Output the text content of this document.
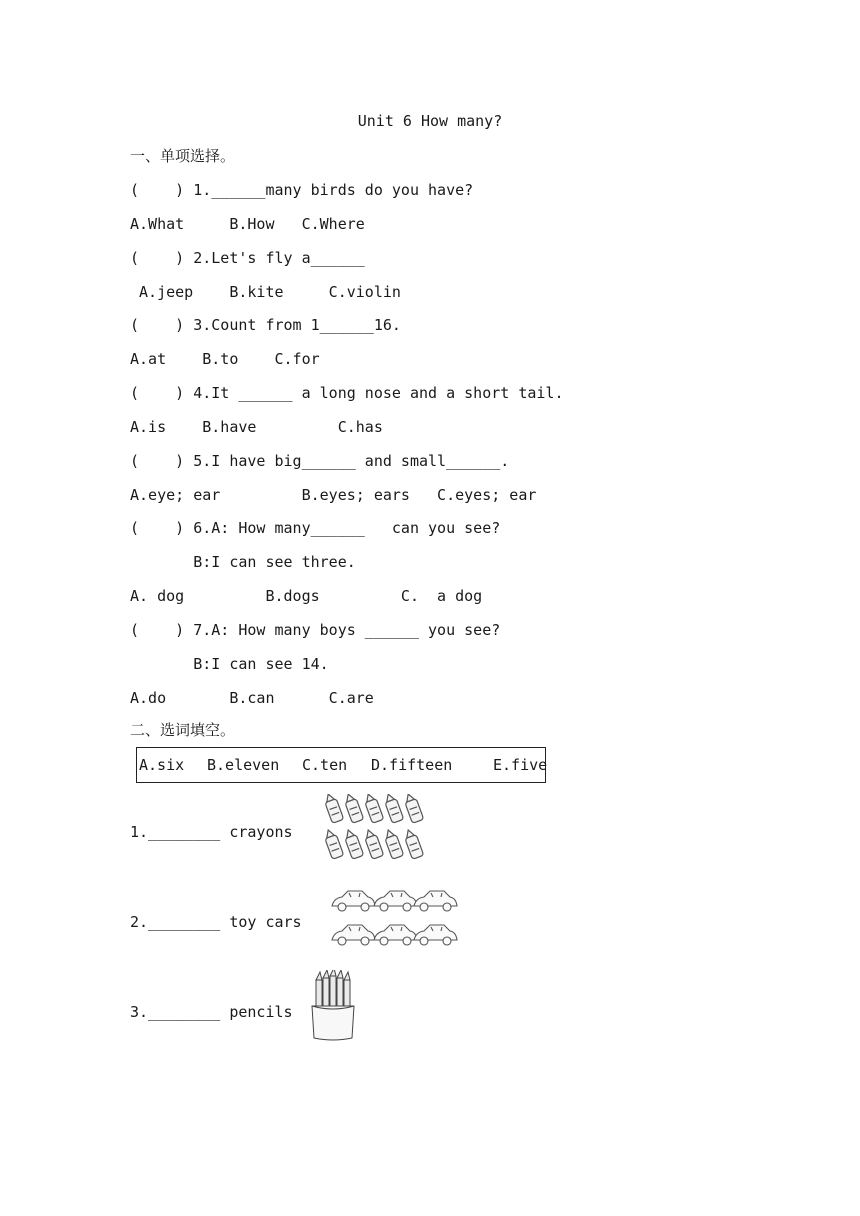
Unit 6 How many?
一、单项选择。
(    ) 1.______many birds do you have?
A.What     B.How   C.Where
(    ) 2.Let's fly a______
A.jeep    B.kite     C.violin
(    ) 3.Count from 1______16.
A.at    B.to    C.for
(    ) 4.It ______ a long nose and a short tail.
A.is    B.have         C.has
(    ) 5.I have big______ and small______.
A.eye; ear         B.eyes; ears   C.eyes; ear
(    ) 6.A: How many______   can you see?
B:I can see three.
A. dog         B.dogs         C.  a dog
(    ) 7.A: How many boys ______ you see?
B:I can see 14.
A.do       B.can      C.are
二、选词填空。
A.six B.eleven C.ten D.fifteen	E.five
1.________ crayons
2.________ toy cars
3.________ pencils
